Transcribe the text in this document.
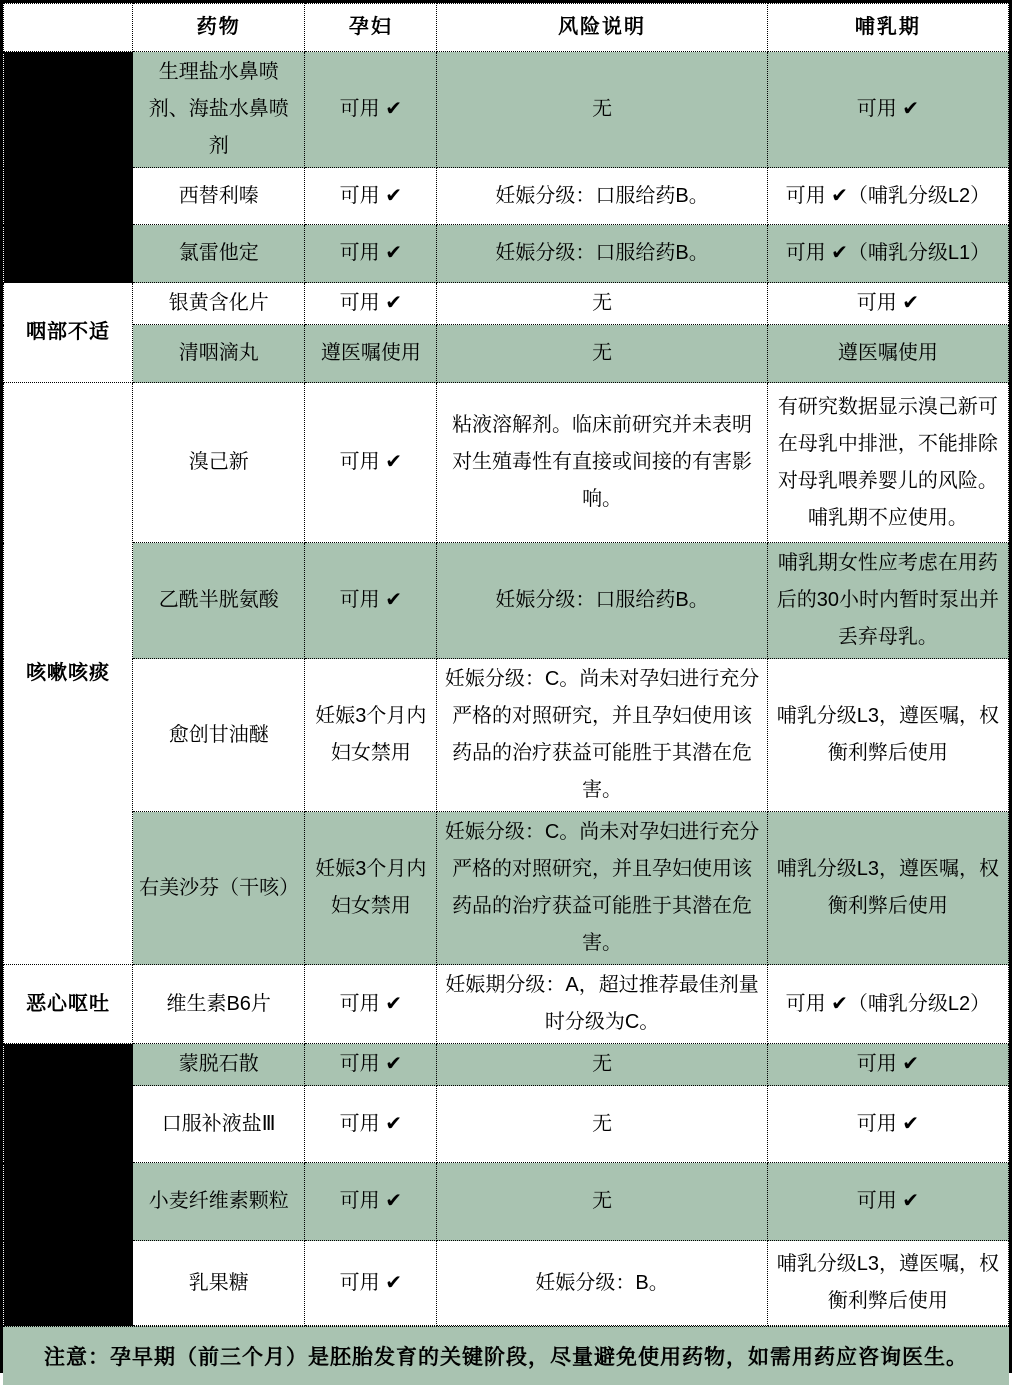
	药物	孕妇	风险说明	哺乳期
	生理盐水鼻喷剂、海盐水鼻喷剂	可用 ✔	无	可用 ✔
	西替利嗪	可用 ✔	妊娠分级：口服给药B。	可用 ✔（哺乳分级L2）
	氯雷他定	可用 ✔	妊娠分级：口服给药B。	可用 ✔（哺乳分级L1）
咽部不适	银黄含化片	可用 ✔	无	可用 ✔
	清咽滴丸	遵医嘱使用	无	遵医嘱使用
咳嗽咳痰	溴己新	可用 ✔	粘液溶解剂。临床前研究并未表明对生殖毒性有直接或间接的有害影响。	有研究数据显示溴己新可在母乳中排泄，不能排除对母乳喂养婴儿的风险。哺乳期不应使用。
	乙酰半胱氨酸	可用 ✔	妊娠分级：口服给药B。	哺乳期女性应考虑在用药后的30小时内暂时泵出并丢弃母乳。
	愈创甘油醚	妊娠3个月内妇女禁用	妊娠分级：C。尚未对孕妇进行充分严格的对照研究，并且孕妇使用该药品的治疗获益可能胜于其潜在危害。	哺乳分级L3，遵医嘱，权衡利弊后使用
	右美沙芬（干咳）	妊娠3个月内妇女禁用	妊娠分级：C。尚未对孕妇进行充分严格的对照研究，并且孕妇使用该药品的治疗获益可能胜于其潜在危害。	哺乳分级L3，遵医嘱，权衡利弊后使用
恶心呕吐	维生素B6片	可用 ✔	妊娠期分级：A，超过推荐最佳剂量时分级为C。	可用 ✔（哺乳分级L2）
	蒙脱石散	可用 ✔	无	可用 ✔
	口服补液盐Ⅲ	可用 ✔	无	可用 ✔
	小麦纤维素颗粒	可用 ✔	无	可用 ✔
	乳果糖	可用 ✔	妊娠分级：B。	哺乳分级L3，遵医嘱，权衡利弊后使用
注意：孕早期（前三个月）是胚胎发育的关键阶段，尽量避免使用药物，如需用药应咨询医生。
